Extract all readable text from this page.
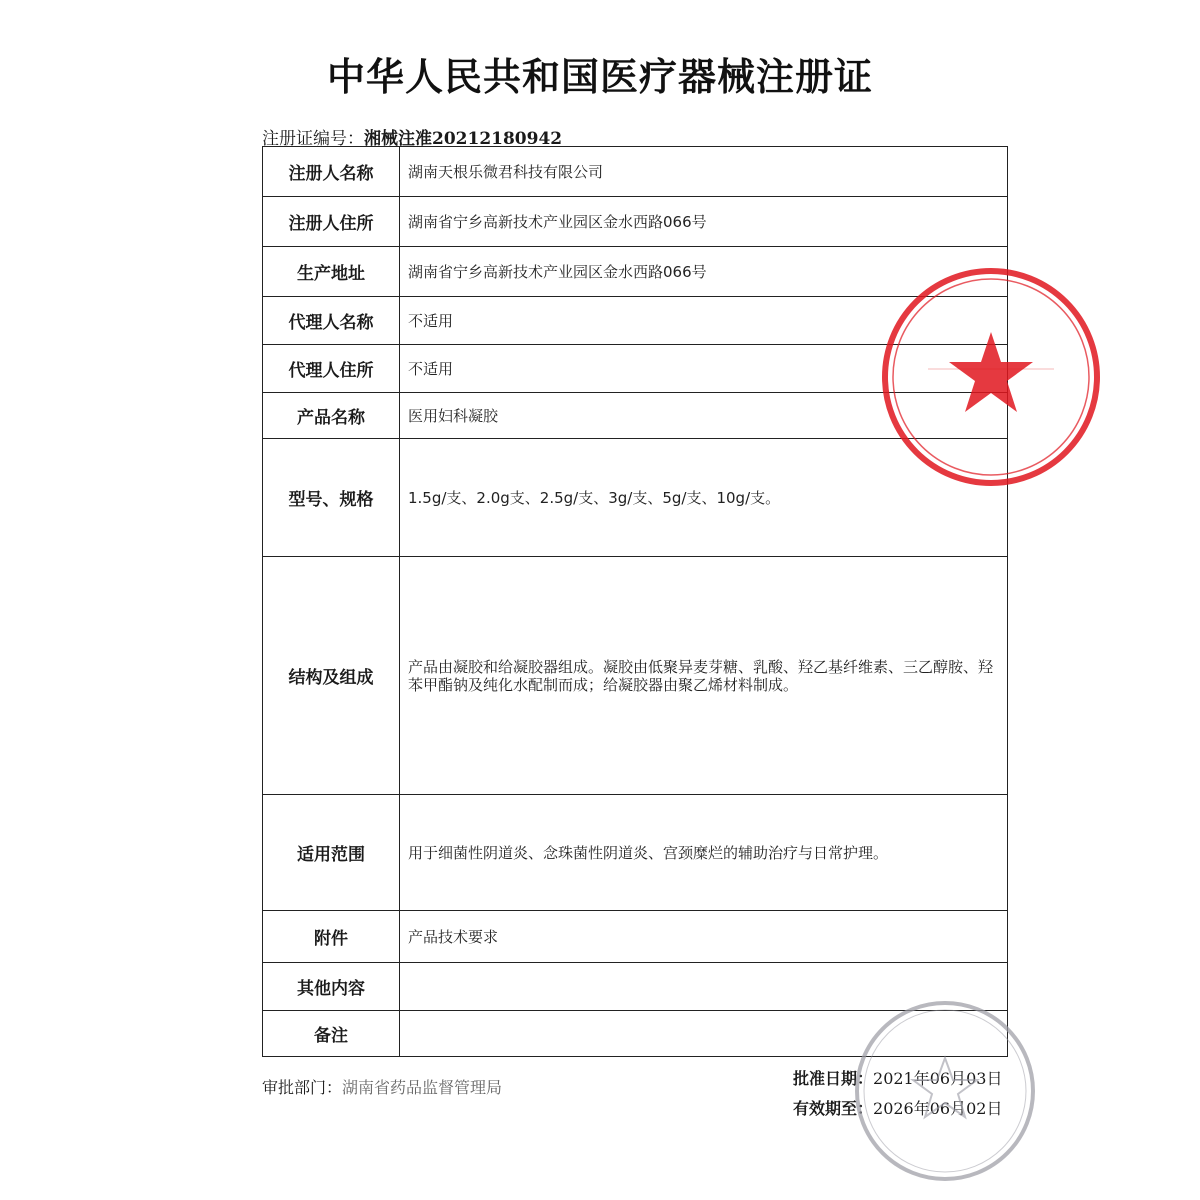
中华人民共和国医疗器械注册证
注册证编号：湘械注准20212180942
注册人名称	湖南天根乐微君科技有限公司
注册人住所	湖南省宁乡高新技术产业园区金水西路066号
生产地址	湖南省宁乡高新技术产业园区金水西路066号
代理人名称	不适用
代理人住所	不适用
产品名称	医用妇科凝胶
型号、规格	1.5g/支、2.0g支、2.5g/支、3g/支、5g/支、10g/支。
结构及组成	产品由凝胶和给凝胶器组成。凝胶由低聚异麦芽糖、乳酸、羟乙基纤维素、三乙醇胺、羟苯甲酯钠及纯化水配制而成；给凝胶器由聚乙烯材料制成。
适用范围	用于细菌性阴道炎、念珠菌性阴道炎、宫颈糜烂的辅助治疗与日常护理。
附件	产品技术要求
其他内容	
备注	
审批部门：湖南省药品监督管理局	批准日期：2021年06月03日
有效期至：2026年06月02日
